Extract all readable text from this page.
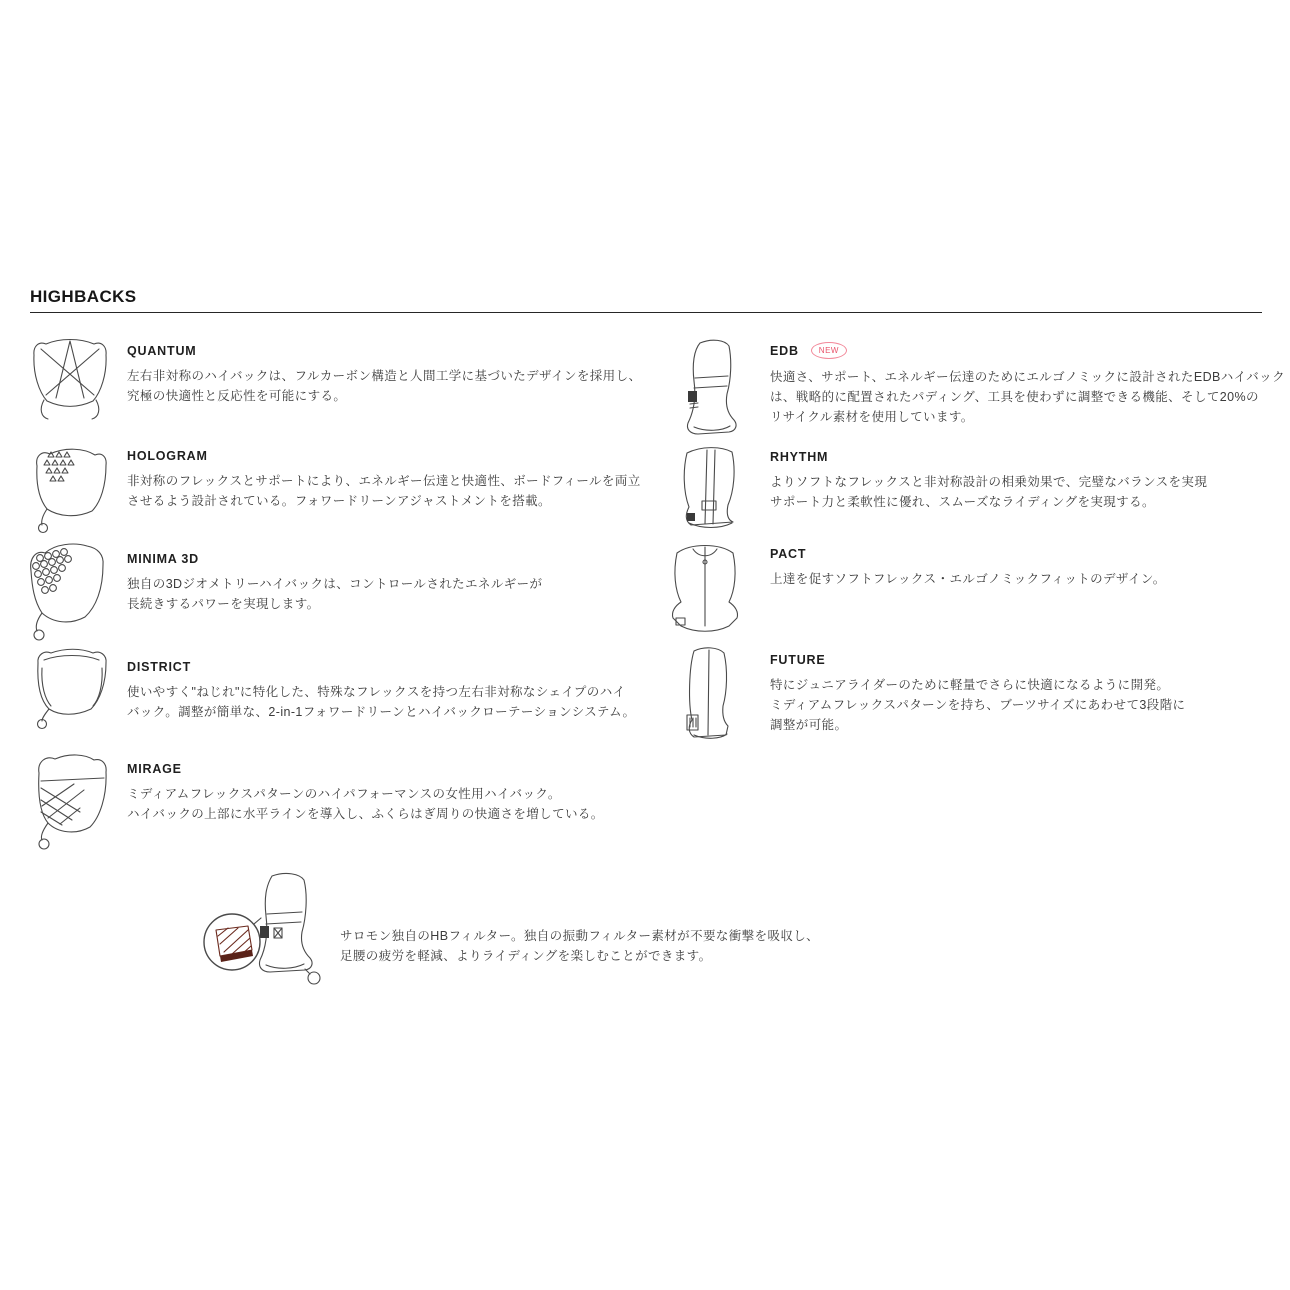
HIGHBACKS
QUANTUM

左右非対称のハイバックは、フルカーボン構造と人間工学に基づいたデザインを採用し、

究極の快適性と反応性を可能にする。

HOLOGRAM

非対称のフレックスとサポートにより、エネルギー伝達と快適性、ボードフィールを両立

させるよう設計されている。フォワードリーンアジャストメントを搭載。

MINIMA 3D

独自の3Dジオメトリーハイバックは、コントロールされたエネルギーが

長続きするパワーを実現します。

DISTRICT

使いやすく"ねじれ"に特化した、特殊なフレックスを持つ左右非対称なシェイプのハイ

バック。調整が簡単な、2-in-1フォワードリーンとハイバックローテーションシステム。

MIRAGE

ミディアムフレックスパターンのハイパフォーマンスの女性用ハイバック。

ハイバックの上部に水平ラインを導入し、ふくらはぎ周りの快適さを増している。

EDB	NEW

快適さ、サポート、エネルギー伝達のためにエルゴノミックに設計されたEDBハイバック

は、戦略的に配置されたパディング、工具を使わずに調整できる機能、そして20%の

リサイクル素材を使用しています。

RHYTHM

よりソフトなフレックスと非対称設計の相乗効果で、完璧なバランスを実現

サポート力と柔軟性に優れ、スムーズなライディングを実現する。

PACT

上達を促すソフトフレックス・エルゴノミックフィットのデザイン。

FUTURE

特にジュニアライダーのために軽量でさらに快適になるように開発。

ミディアムフレックスパターンを持ち、ブーツサイズにあわせて3段階に

調整が可能。

サロモン独自のHBフィルター。独自の振動フィルター素材が不要な衝撃を吸収し、

足腰の疲労を軽減、よりライディングを楽しむことができます。
